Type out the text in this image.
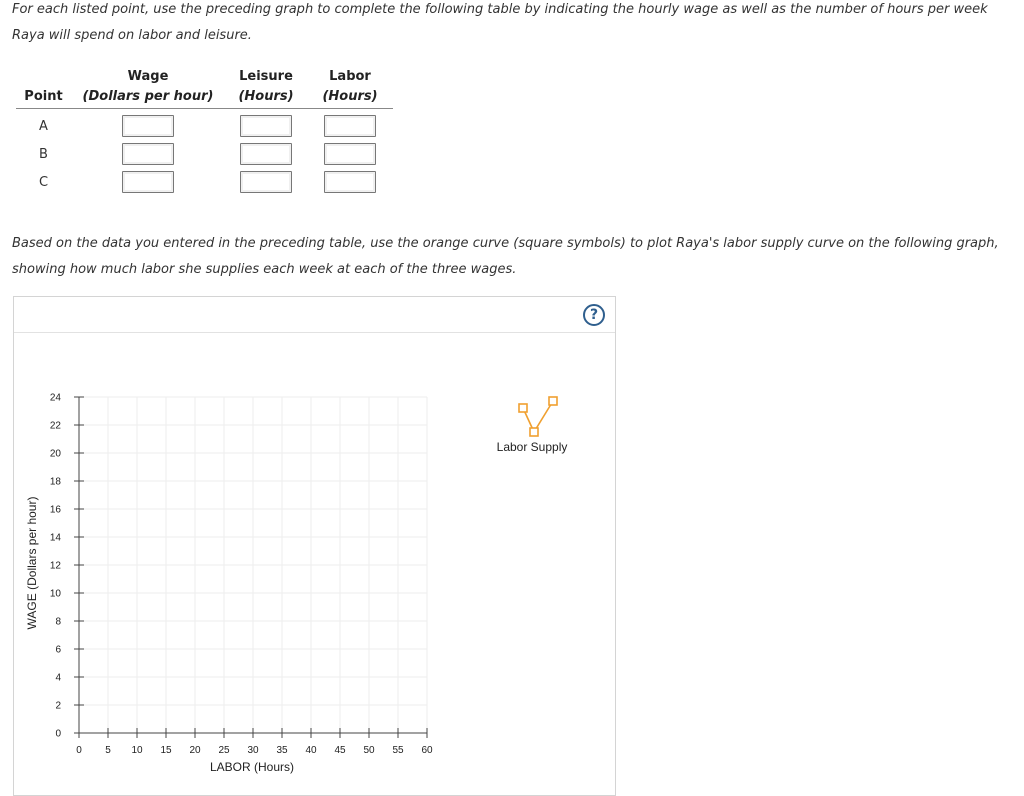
For each listed point, use the preceding graph to complete the following table by indicating the hourly wage as well as the number of hours per week Raya will spend on labor and leisure.
	Wage	Leisure	Labor
Point	(Dollars per hour)	(Hours)	(Hours)
A			
B			
C			
Based on the data you entered in the preceding table, use the orange curve (square symbols) to plot Raya's labor supply curve on the following graph, showing how much labor she supplies each week at each of the three wages.
?
0 5 10 15 20 25 30 35 40 45 50 55 60
0
2
4
6
8
10
12
14
16
18
20
22
24
LABOR (Hours)
WAGE (Dollars per hour)
Labor Supply
